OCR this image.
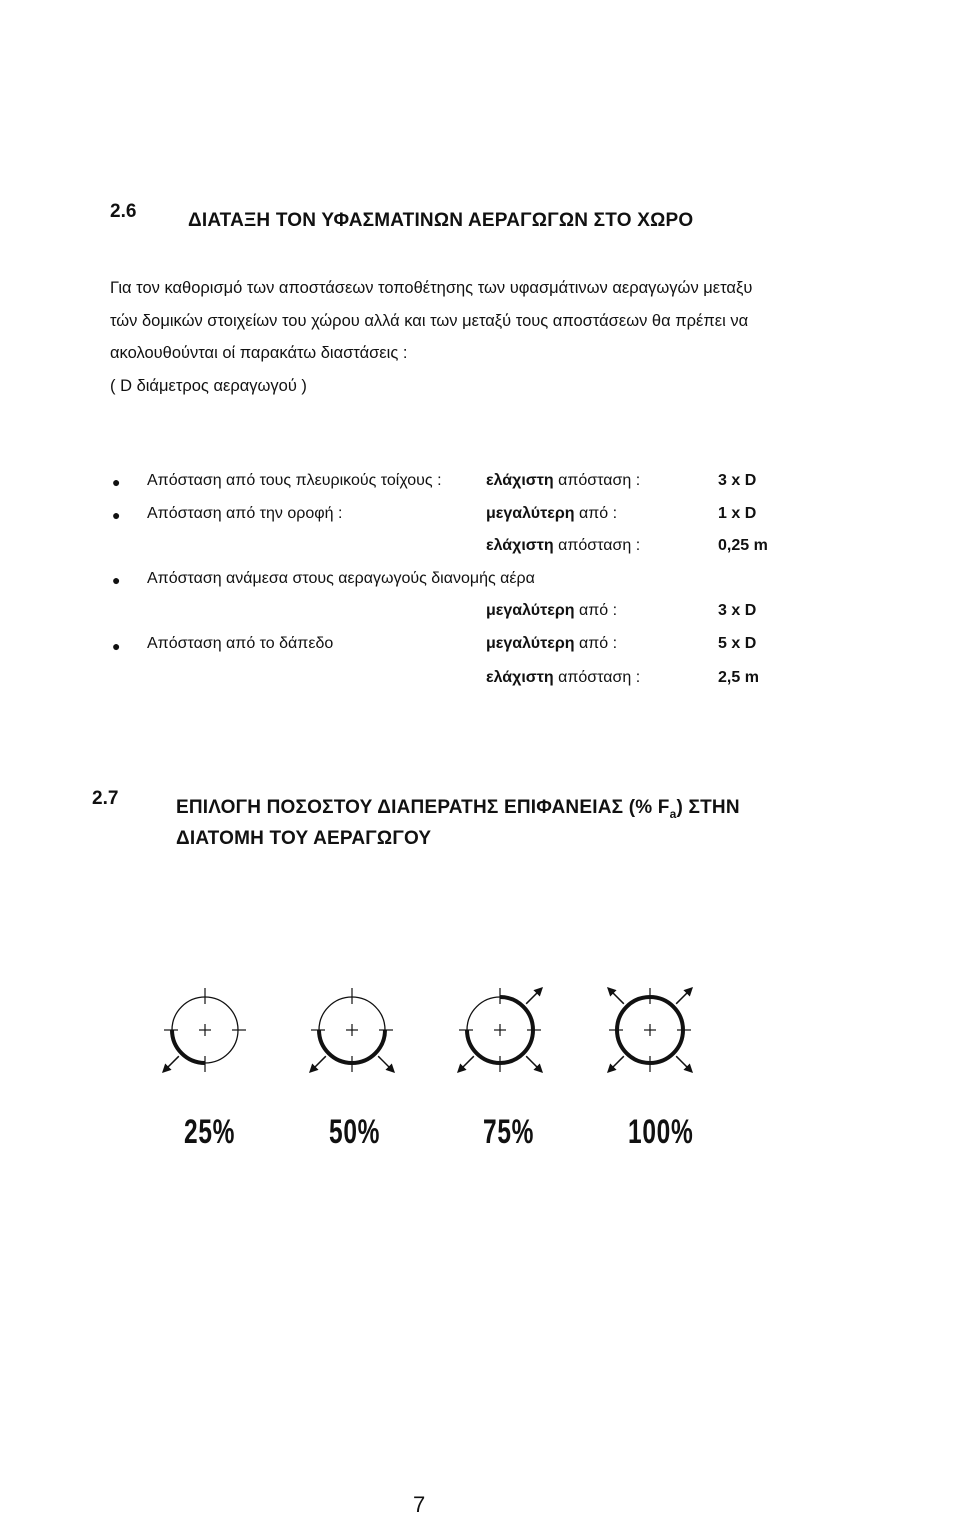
2.6	ΔΙΑΤΑΞΗ ΤΟΝ ΥΦΑΣΜΑΤΙΝΩΝ ΑΕΡΑΓΩΓΩΝ ΣΤΟ ΧΩΡΟ
Για τον καθορισμό των αποστάσεων τοποθέτησης των υφασμάτινων αεραγωγών μεταξυ
τών δομικών στοιχείων του χώρου αλλά και των μεταξύ τους αποστάσεων θα πρέπει να
ακολουθούνται οί παρακάτω διαστάσεις :
( D διάμετρος αεραγωγού )
● Απόσταση από τους πλευρικούς τοίχους :	ελάχιστη απόσταση :	3 x D
● Απόσταση από την οροφή :	μεγαλύτερη από :	1 x D
ελάχιστη απόσταση :	0,25 m
● Απόσταση ανάμεσα στους αεραγωγούς διανομής αέρα
μεγαλύτερη από :	3 x D
● Απόσταση από το δάπεδο	μεγαλύτερη από :	5 x D
ελάχιστη απόσταση :	2,5 m
2.7	ΕΠΙΛΟΓΗ ΠΟΣΟΣΤΟΥ ΔΙΑΠΕΡΑΤΗΣ ΕΠΙΦΑΝΕΙΑΣ (% $F_a$) ΣΤΗΝ
ΔΙΑΤΟΜΗ ΤΟΥ ΑΕΡΑΓΩΓΟΥ
25%	50%	75%	100%
7
